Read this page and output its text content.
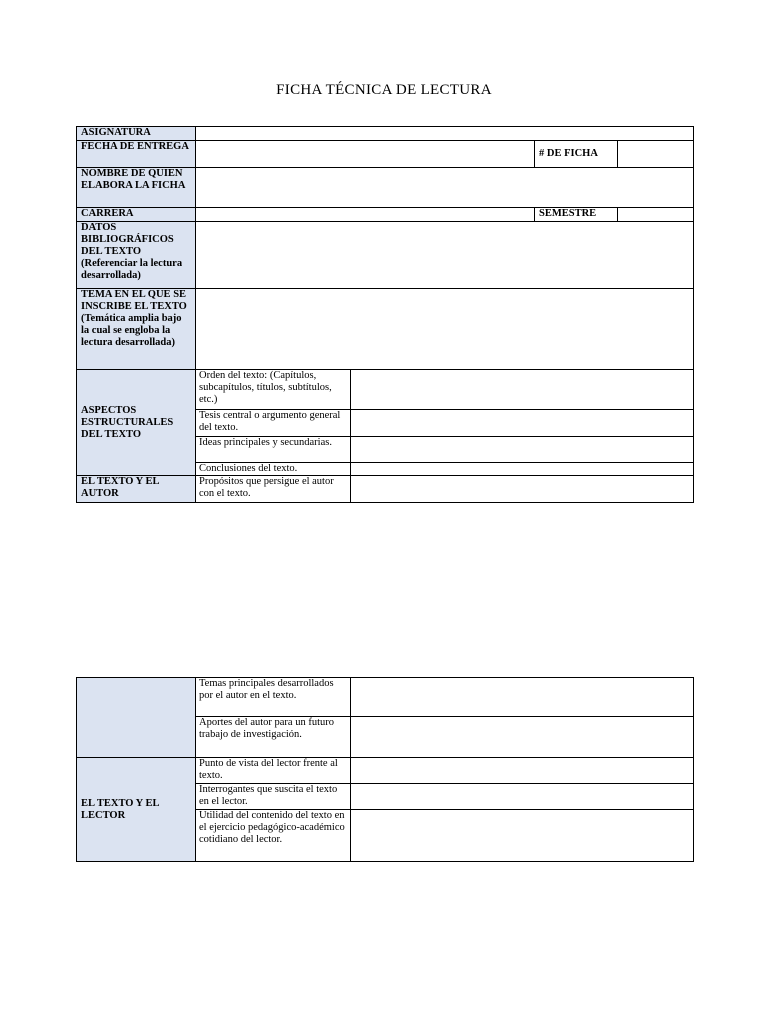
FICHA TÉCNICA DE LECTURA
ASIGNATURA
FECHA DE ENTREGA
# DE FICHA
NOMBRE DE QUIEN ELABORA LA FICHA
CARRERA	SEMESTRE
DATOS BIBLIOGRÁFICOS DEL TEXTO (Referenciar la lectura desarrollada)
TEMA EN EL QUE SE INSCRIBE EL TEXTO (Temática amplia bajo la cual se engloba la lectura desarrollada)
ASPECTOS ESTRUCTURALES DEL TEXTO
Orden del texto: (Capítulos, subcapítulos, títulos, subtítulos, etc.)
Tesis central o argumento general del texto.
Ideas principales y secundarias.
Conclusiones del texto.
EL TEXTO Y EL AUTOR
Propósitos que persigue el autor con el texto.
Temas principales desarrollados por el autor en el texto.
Aportes del autor para un futuro trabajo de investigación.
EL TEXTO Y EL LECTOR
Punto de vista del lector frente al texto.
Interrogantes que suscita el texto en el lector.
Utilidad del contenido del texto en el ejercicio pedagógico-académico cotidiano del lector.
